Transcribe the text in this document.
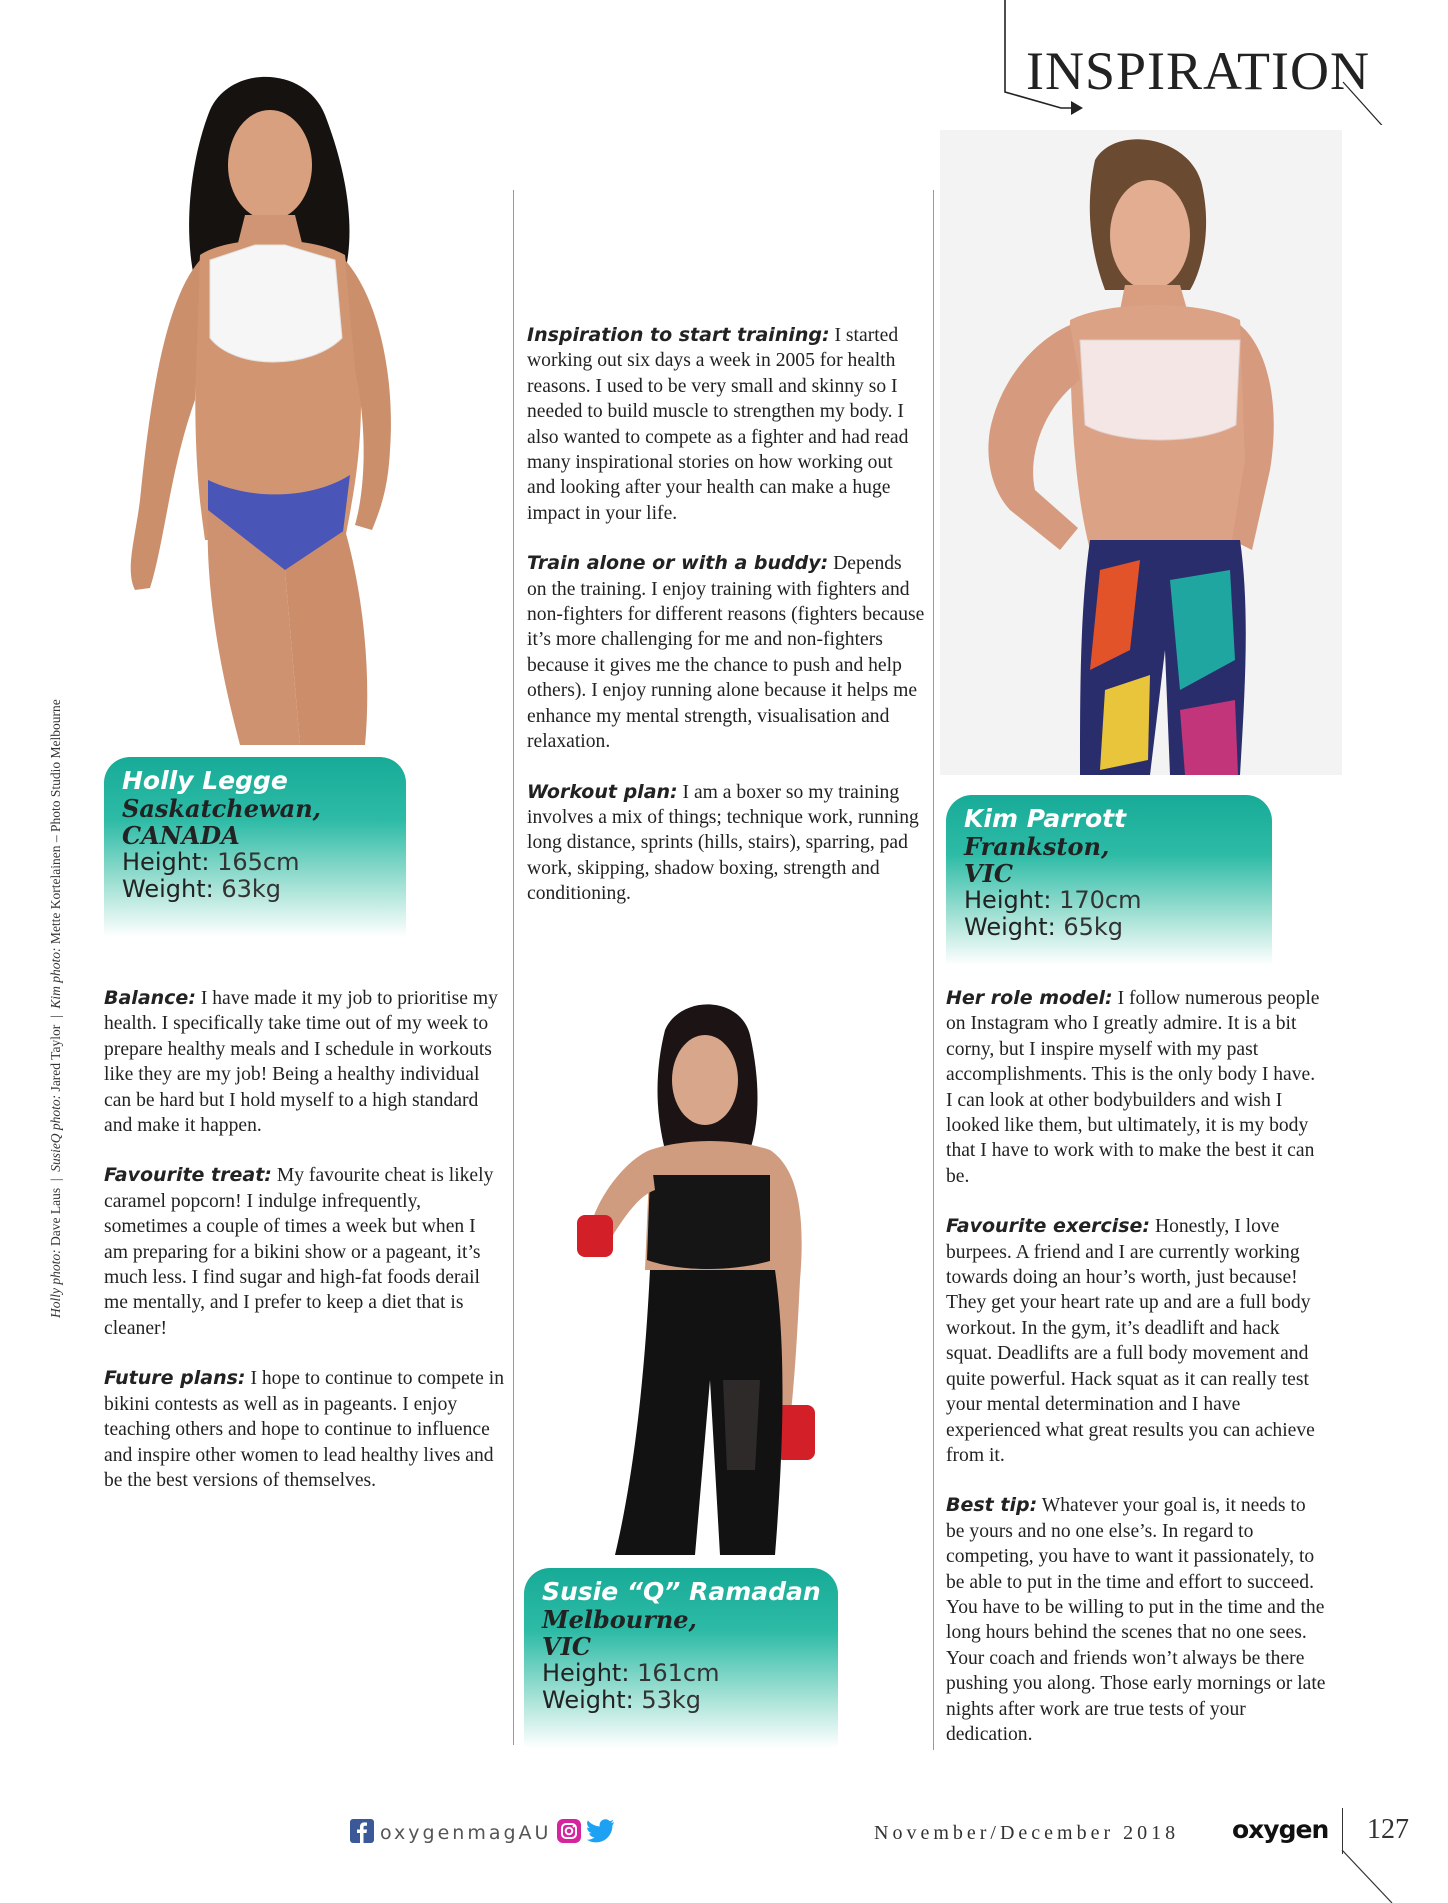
INSPIRATION
Holly photo: Dave Laus  |  SusieQ photo: Jared Taylor  |  Kim photo: Mette Kortelainen – Photo Studio Melbourne Holly Legge
Saskatchewan,
CANADA
Height: 165cm
Weight: 63kg
Susie “Q” Ramadan
Melbourne,
VIC
Height: 161cm
Weight: 53kg
Kim Parrott
Frankston,
VIC
Height: 170cm
Weight: 65kg

Balance: I have made it my job to prioritise my health. I specifically take time out of my week to prepare healthy meals and I schedule in workouts like they are my job! Being a healthy individual can be hard but I hold myself to a high standard and make it happen.

Favourite treat: My favourite cheat is likely caramel popcorn! I indulge infrequently, sometimes a couple of times a week but when I am preparing for a bikini show or a pageant, it’s much less. I find sugar and high-fat foods derail me mentally, and I prefer to keep a diet that is cleaner!

Future plans: I hope to continue to compete in bikini contests as well as in pageants. I enjoy teaching others and hope to continue to influence and inspire other women to lead healthy lives and be the best versions of themselves.

Inspiration to start training: I started working out six days a week in 2005 for health reasons. I used to be very small and skinny so I needed to build muscle to strengthen my body. I also wanted to compete as a fighter and had read many inspirational stories on how working out and looking after your health can make a huge impact in your life.

Train alone or with a buddy: Depends on the training. I enjoy training with fighters and non-fighters for different reasons (fighters because it’s more challenging for me and non-fighters because it gives me the chance to push and help others). I enjoy running alone because it helps me enhance my mental strength, visualisation and relaxation.

Workout plan: I am a boxer so my training involves a mix of things; technique work, running long distance, sprints (hills, stairs), sparring, pad work, skipping, shadow boxing, strength and conditioning.

Her role model: I follow numerous people on Instagram who I greatly admire. It is a bit corny, but I inspire myself with my past accomplishments. This is the only body I have. I can look at other bodybuilders and wish I looked like them, but ultimately, it is my body that I have to work with to make the best it can be.

Favourite exercise: Honestly, I love burpees. A friend and I are currently working towards doing an hour’s worth, just because! They get your heart rate up and are a full body workout. In the gym, it’s deadlift and hack squat. Deadlifts are a full body movement and quite powerful. Hack squat as it can really test your mental determination and I have experienced what great results you can achieve from it.

Best tip: Whatever your goal is, it needs to be yours and no one else’s. In regard to competing, you have to want it passionately, to be able to put in the time and effort to succeed. You have to be willing to put in the time and the long hours behind the scenes that no one sees. Your coach and friends won’t always be there pushing you along. Those early mornings or late nights after work are true tests of your dedication.

oxygenmagAU	November/December 2018 oxygen 127
